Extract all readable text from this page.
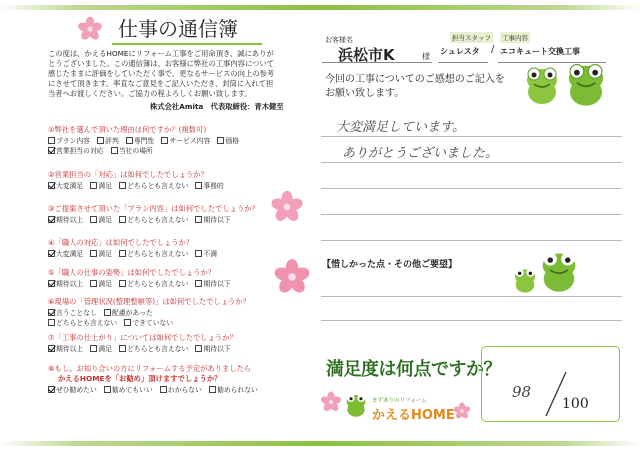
仕事の通信簿
この度は、かえるHOMEにリフォーム工事をご用命頂き、誠にありが
とうございました。この通信簿は、お客様に弊社の工事内容について
感じたままに評価をしていただく事で、更なるサービスの向上の参考
にさせて頂きます。率直なご意見をご記入いただき、封筒に入れて担
当者へお渡しください。ご協力の程よろしくお願い致します。
株式会社Amita　代表取締役：青木健至
①弊社を選んで頂いた理由は何ですか？(複数可)
プラン内容 評判 専門性 サービス内容 価格
営業担当の対応 当社の場所
②営業担当の「対応」は如何でしたでしょうか？
大変満足 満足 どちらとも言えない 事務的
③ご提案させて頂いた「プラン内容」は如何でしたでしょうか？
期待以上 満足 どちらとも言えない 期待以下
④「職人の対応」は如何でしたでしょうか？
大変満足 満足 どちらとも言えない 不満
⑤「職人の仕事の姿勢」は如何でしたでしょうか？
期待以上 満足 どちらとも言えない 期待以下
⑥現場の「管理状況(整理整頓等)」は如何でしたでしょうか？
言うことなし 配慮があった
どちらとも言えない できていない
⑦「工事の仕上がり」については如何でしたでしょうか？
期待以上 満足 どちらとも言えない 期待以下
⑧もし、お知り合いの方にリフォームする予定がありましたら
かえるHOMEを「お勧め」頂けますでしょうか？
ぜひ勧めたい 勧めてもいい わからない 勧められない
お客様名
浜松市K	様
担当スタッフ
シュレスタ /
工事内容
エコキュート交換工事
今回の工事についてのご感想のご記入を
お願い致します。
大変満足しています。
ありがとうございました。
【惜しかった点・その他ご要望】
満足度は何点ですか？
98
100
まずありのリフォーム
かえるHOME
